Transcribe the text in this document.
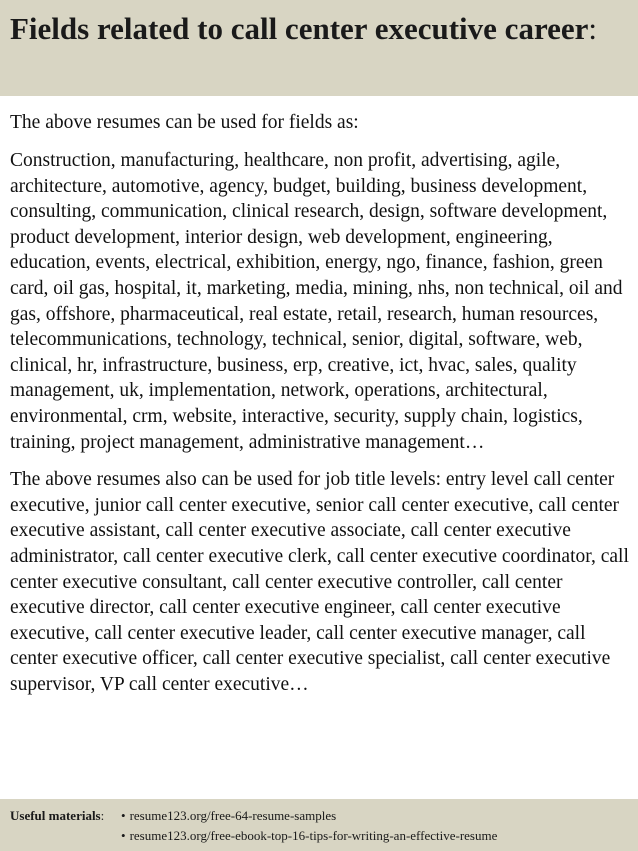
Fields related to call center executive career:

The above resumes can be used for fields as:

Construction, manufacturing, healthcare, non profit, advertising, agile, architecture, automotive, agency, budget, building, business development, consulting, communication, clinical research, design, software development, product development, interior design, web development, engineering, education, events, electrical, exhibition, energy, ngo, finance, fashion, green card, oil gas, hospital, it, marketing, media, mining, nhs, non technical, oil and gas, offshore, pharmaceutical, real estate, retail, research, human resources, telecommunications, technology, technical, senior, digital, software, web, clinical, hr, infrastructure, business, erp, creative, ict, hvac, sales, quality management, uk, implementation, network, operations, architectural, environmental, crm, website, interactive, security, supply chain, logistics, training, project management, administrative management…

The above resumes also can be used for job title levels: entry level call center executive, junior call center executive, senior call center executive, call center executive assistant, call center executive associate, call center executive administrator, call center executive clerk, call center executive coordinator, call center executive consultant, call center executive controller, call center executive director, call center executive engineer, call center executive executive, call center executive leader, call center executive manager, call center executive officer, call center executive specialist, call center executive supervisor, VP call center executive…

Useful materials:	• resume123.org/free-64-resume-samples
• resume123.org/free-ebook-top-16-tips-for-writing-an-effective-resume
